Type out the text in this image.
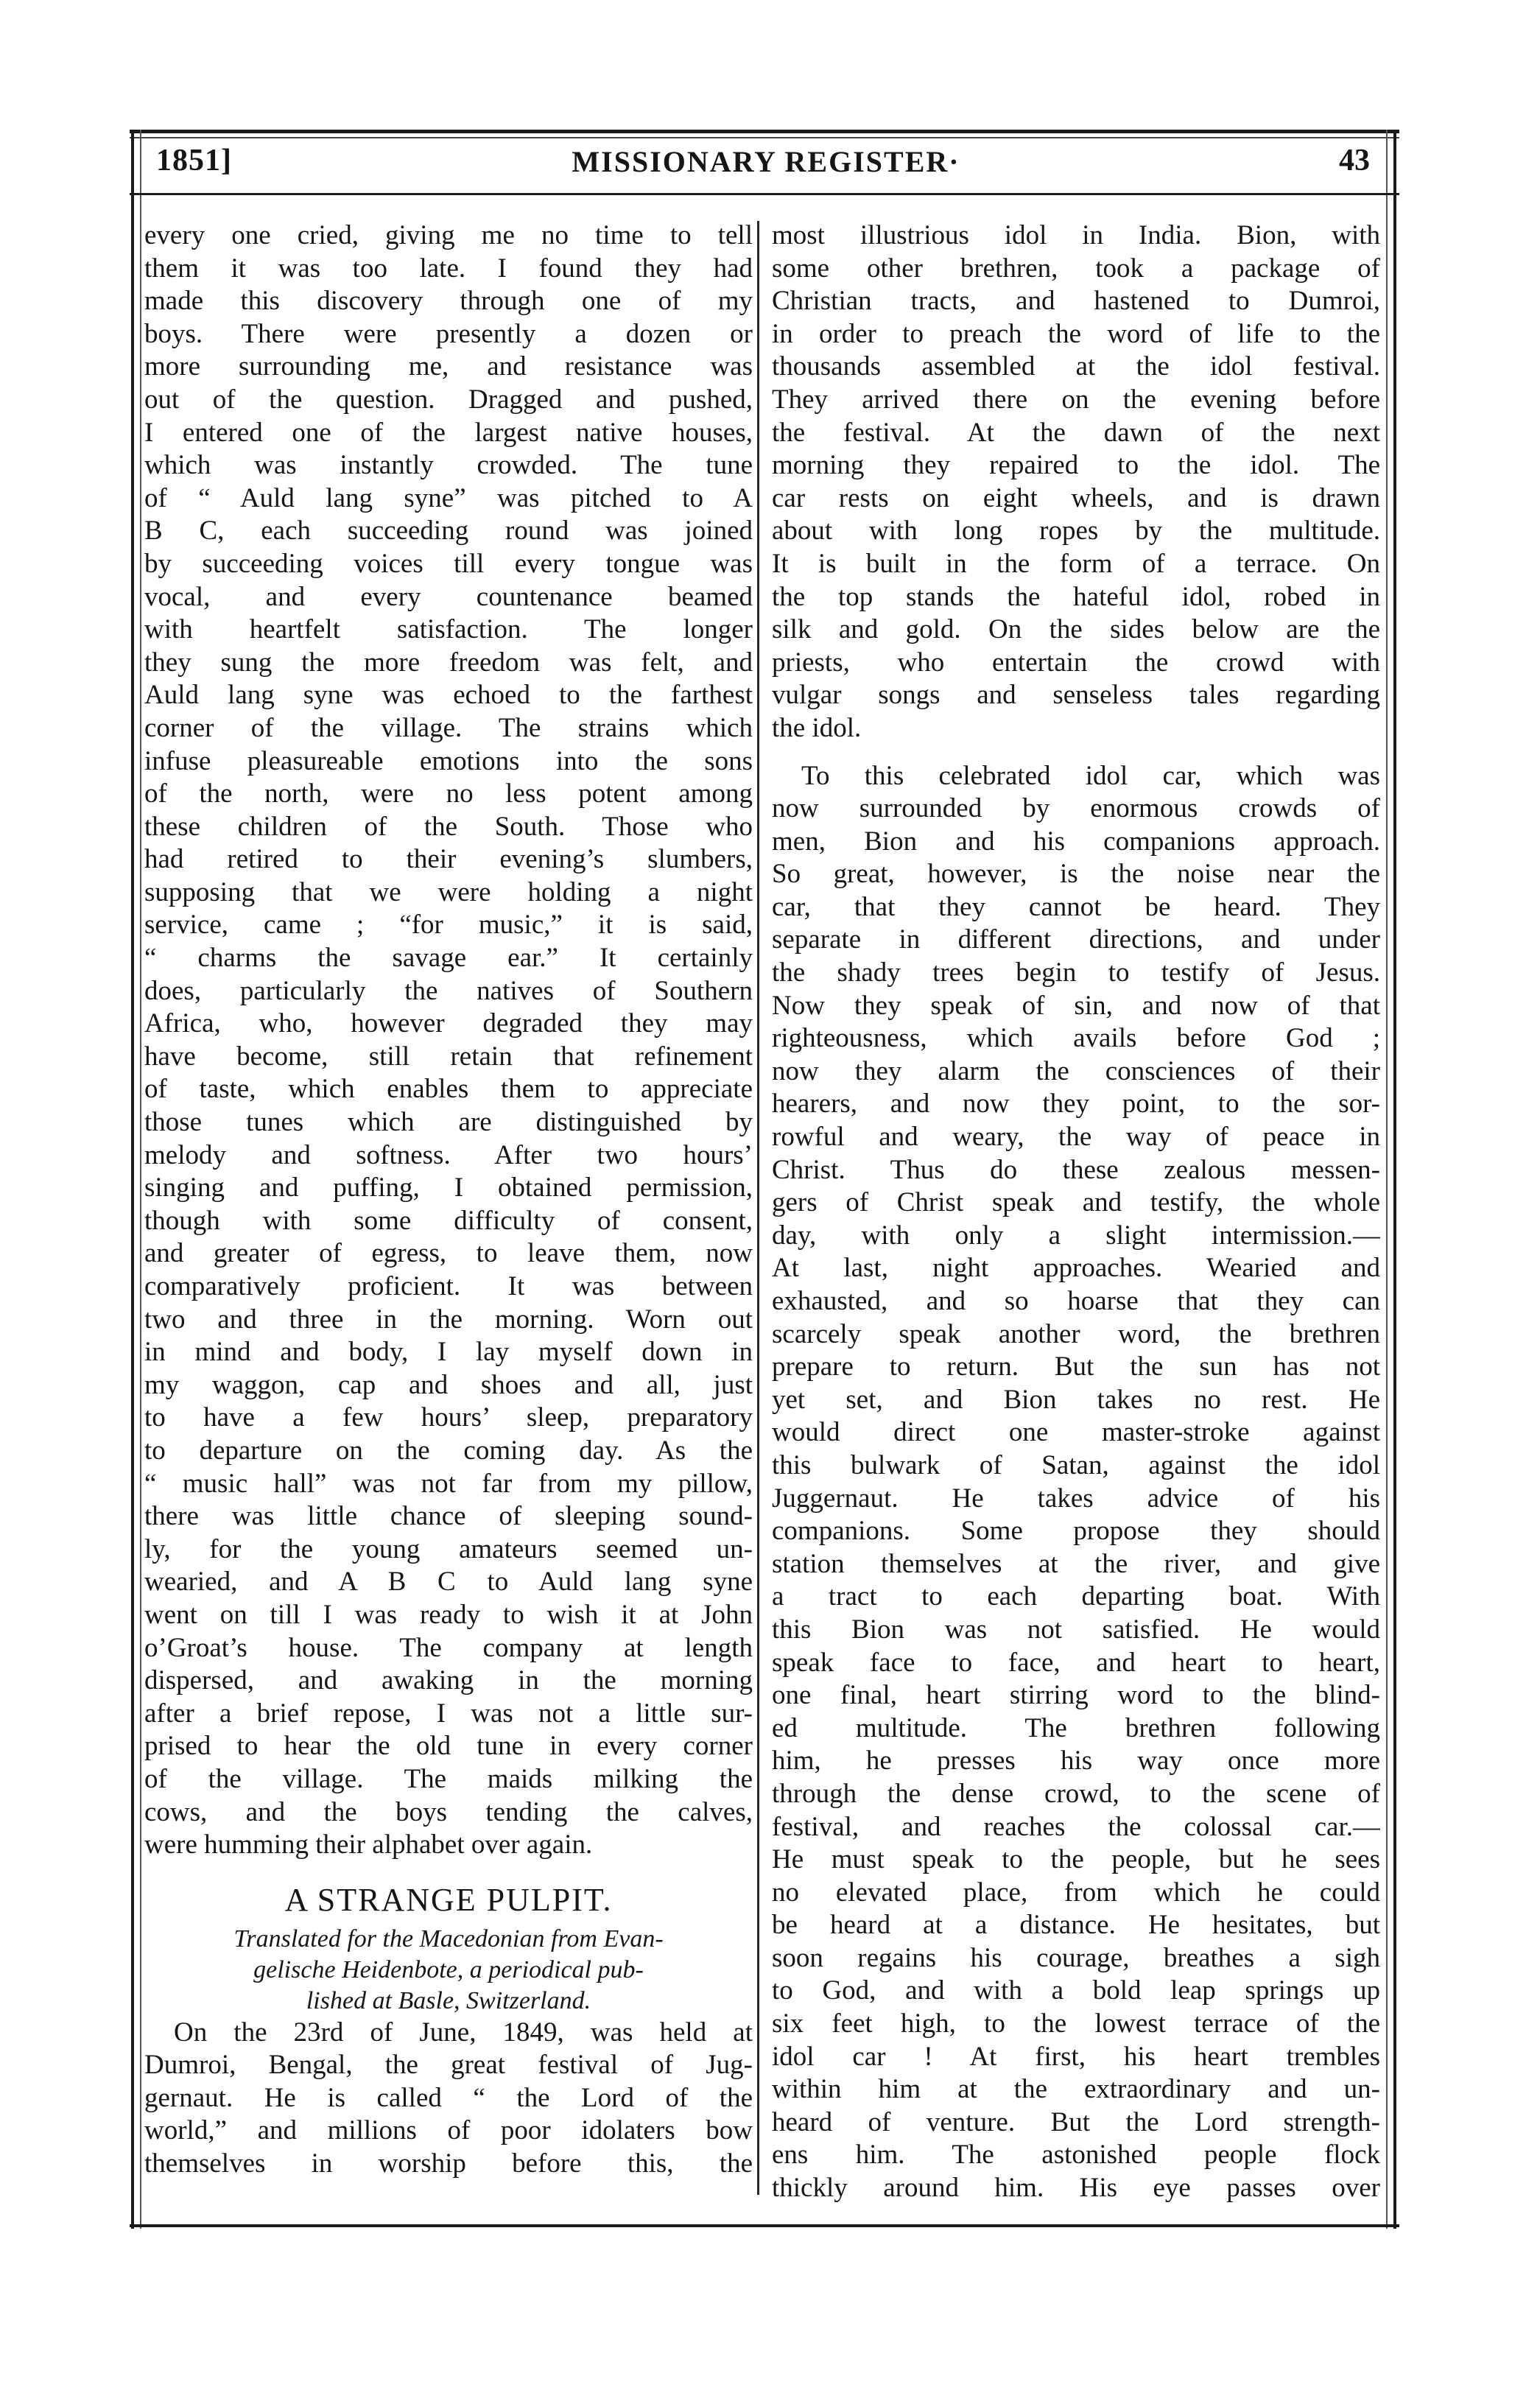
1851]	MISSIONARY REGISTER·	43
every one cried, giving me no time to tell
them it was too late. I found they had
made this discovery through one of my
boys. There were presently a dozen or
more surrounding me, and resistance was
out of the question. Dragged and pushed,
I entered one of the largest native houses,
which was instantly crowded. The tune
of “ Auld lang syne” was pitched to A
B C, each succeeding round was joined
by succeeding voices till every tongue was
vocal, and every countenance beamed
with heartfelt satisfaction. The longer
they sung the more freedom was felt, and
Auld lang syne was echoed to the farthest
corner of the village. The strains which
infuse pleasureable emotions into the sons
of the north, were no less potent among
these children of the South. Those who
had retired to their evening’s slumbers,
supposing that we were holding a night
service, came ; “for music,” it is said,
“ charms the savage ear.” It certainly
does, particularly the natives of Southern
Africa, who, however degraded they may
have become, still retain that refinement
of taste, which enables them to appreciate
those tunes which are distinguished by
melody and softness. After two hours’
singing and puffing, I obtained permission,
though with some difficulty of consent,
and greater of egress, to leave them, now
comparatively proficient. It was between
two and three in the morning. Worn out
in mind and body, I lay myself down in
my waggon, cap and shoes and all, just
to have a few hours’ sleep, preparatory
to departure on the coming day. As the
“ music hall” was not far from my pillow,
there was little chance of sleeping sound-
ly, for the young amateurs seemed un-
wearied, and A B C to Auld lang syne
went on till I was ready to wish it at John
o’Groat’s house. The company at length
dispersed, and awaking in the morning
after a brief repose, I was not a little sur-
prised to hear the old tune in every corner
of the village. The maids milking the
cows, and the boys tending the calves,
were humming their alphabet over again.
A STRANGE PULPIT.
Translated for the Macedonian from Evan-
gelische Heidenbote, a periodical pub-
lished at Basle, Switzerland.
On the 23rd of June, 1849, was held at
Dumroi, Bengal, the great festival of Jug-
gernaut. He is called “ the Lord of the
world,” and millions of poor idolaters bow
themselves in worship before this, the
most illustrious idol in India. Bion, with
some other brethren, took a package of
Christian tracts, and hastened to Dumroi,
in order to preach the word of life to the
thousands assembled at the idol festival.
They arrived there on the evening before
the festival. At the dawn of the next
morning they repaired to the idol. The
car rests on eight wheels, and is drawn
about with long ropes by the multitude.
It is built in the form of a terrace. On
the top stands the hateful idol, robed in
silk and gold. On the sides below are the
priests, who entertain the crowd with
vulgar songs and senseless tales regarding
the idol.
To this celebrated idol car, which was
now surrounded by enormous crowds of
men, Bion and his companions approach.
So great, however, is the noise near the
car, that they cannot be heard. They
separate in different directions, and under
the shady trees begin to testify of Jesus.
Now they speak of sin, and now of that
righteousness, which avails before God ;
now they alarm the consciences of their
hearers, and now they point, to the sor-
rowful and weary, the way of peace in
Christ. Thus do these zealous messen-
gers of Christ speak and testify, the whole
day, with only a slight intermission.—
At last, night approaches. Wearied and
exhausted, and so hoarse that they can
scarcely speak another word, the brethren
prepare to return. But the sun has not
yet set, and Bion takes no rest. He
would direct one master-stroke against
this bulwark of Satan, against the idol
Juggernaut. He takes advice of his
companions. Some propose they should
station themselves at the river, and give
a tract to each departing boat. With
this Bion was not satisfied. He would
speak face to face, and heart to heart,
one final, heart stirring word to the blind-
ed multitude. The brethren following
him, he presses his way once more
through the dense crowd, to the scene of
festival, and reaches the colossal car.—
He must speak to the people, but he sees
no elevated place, from which he could
be heard at a distance. He hesitates, but
soon regains his courage, breathes a sigh
to God, and with a bold leap springs up
six feet high, to the lowest terrace of the
idol car ! At first, his heart trembles
within him at the extraordinary and un-
heard of venture. But the Lord strength-
ens him. The astonished people flock
thickly around him. His eye passes over
